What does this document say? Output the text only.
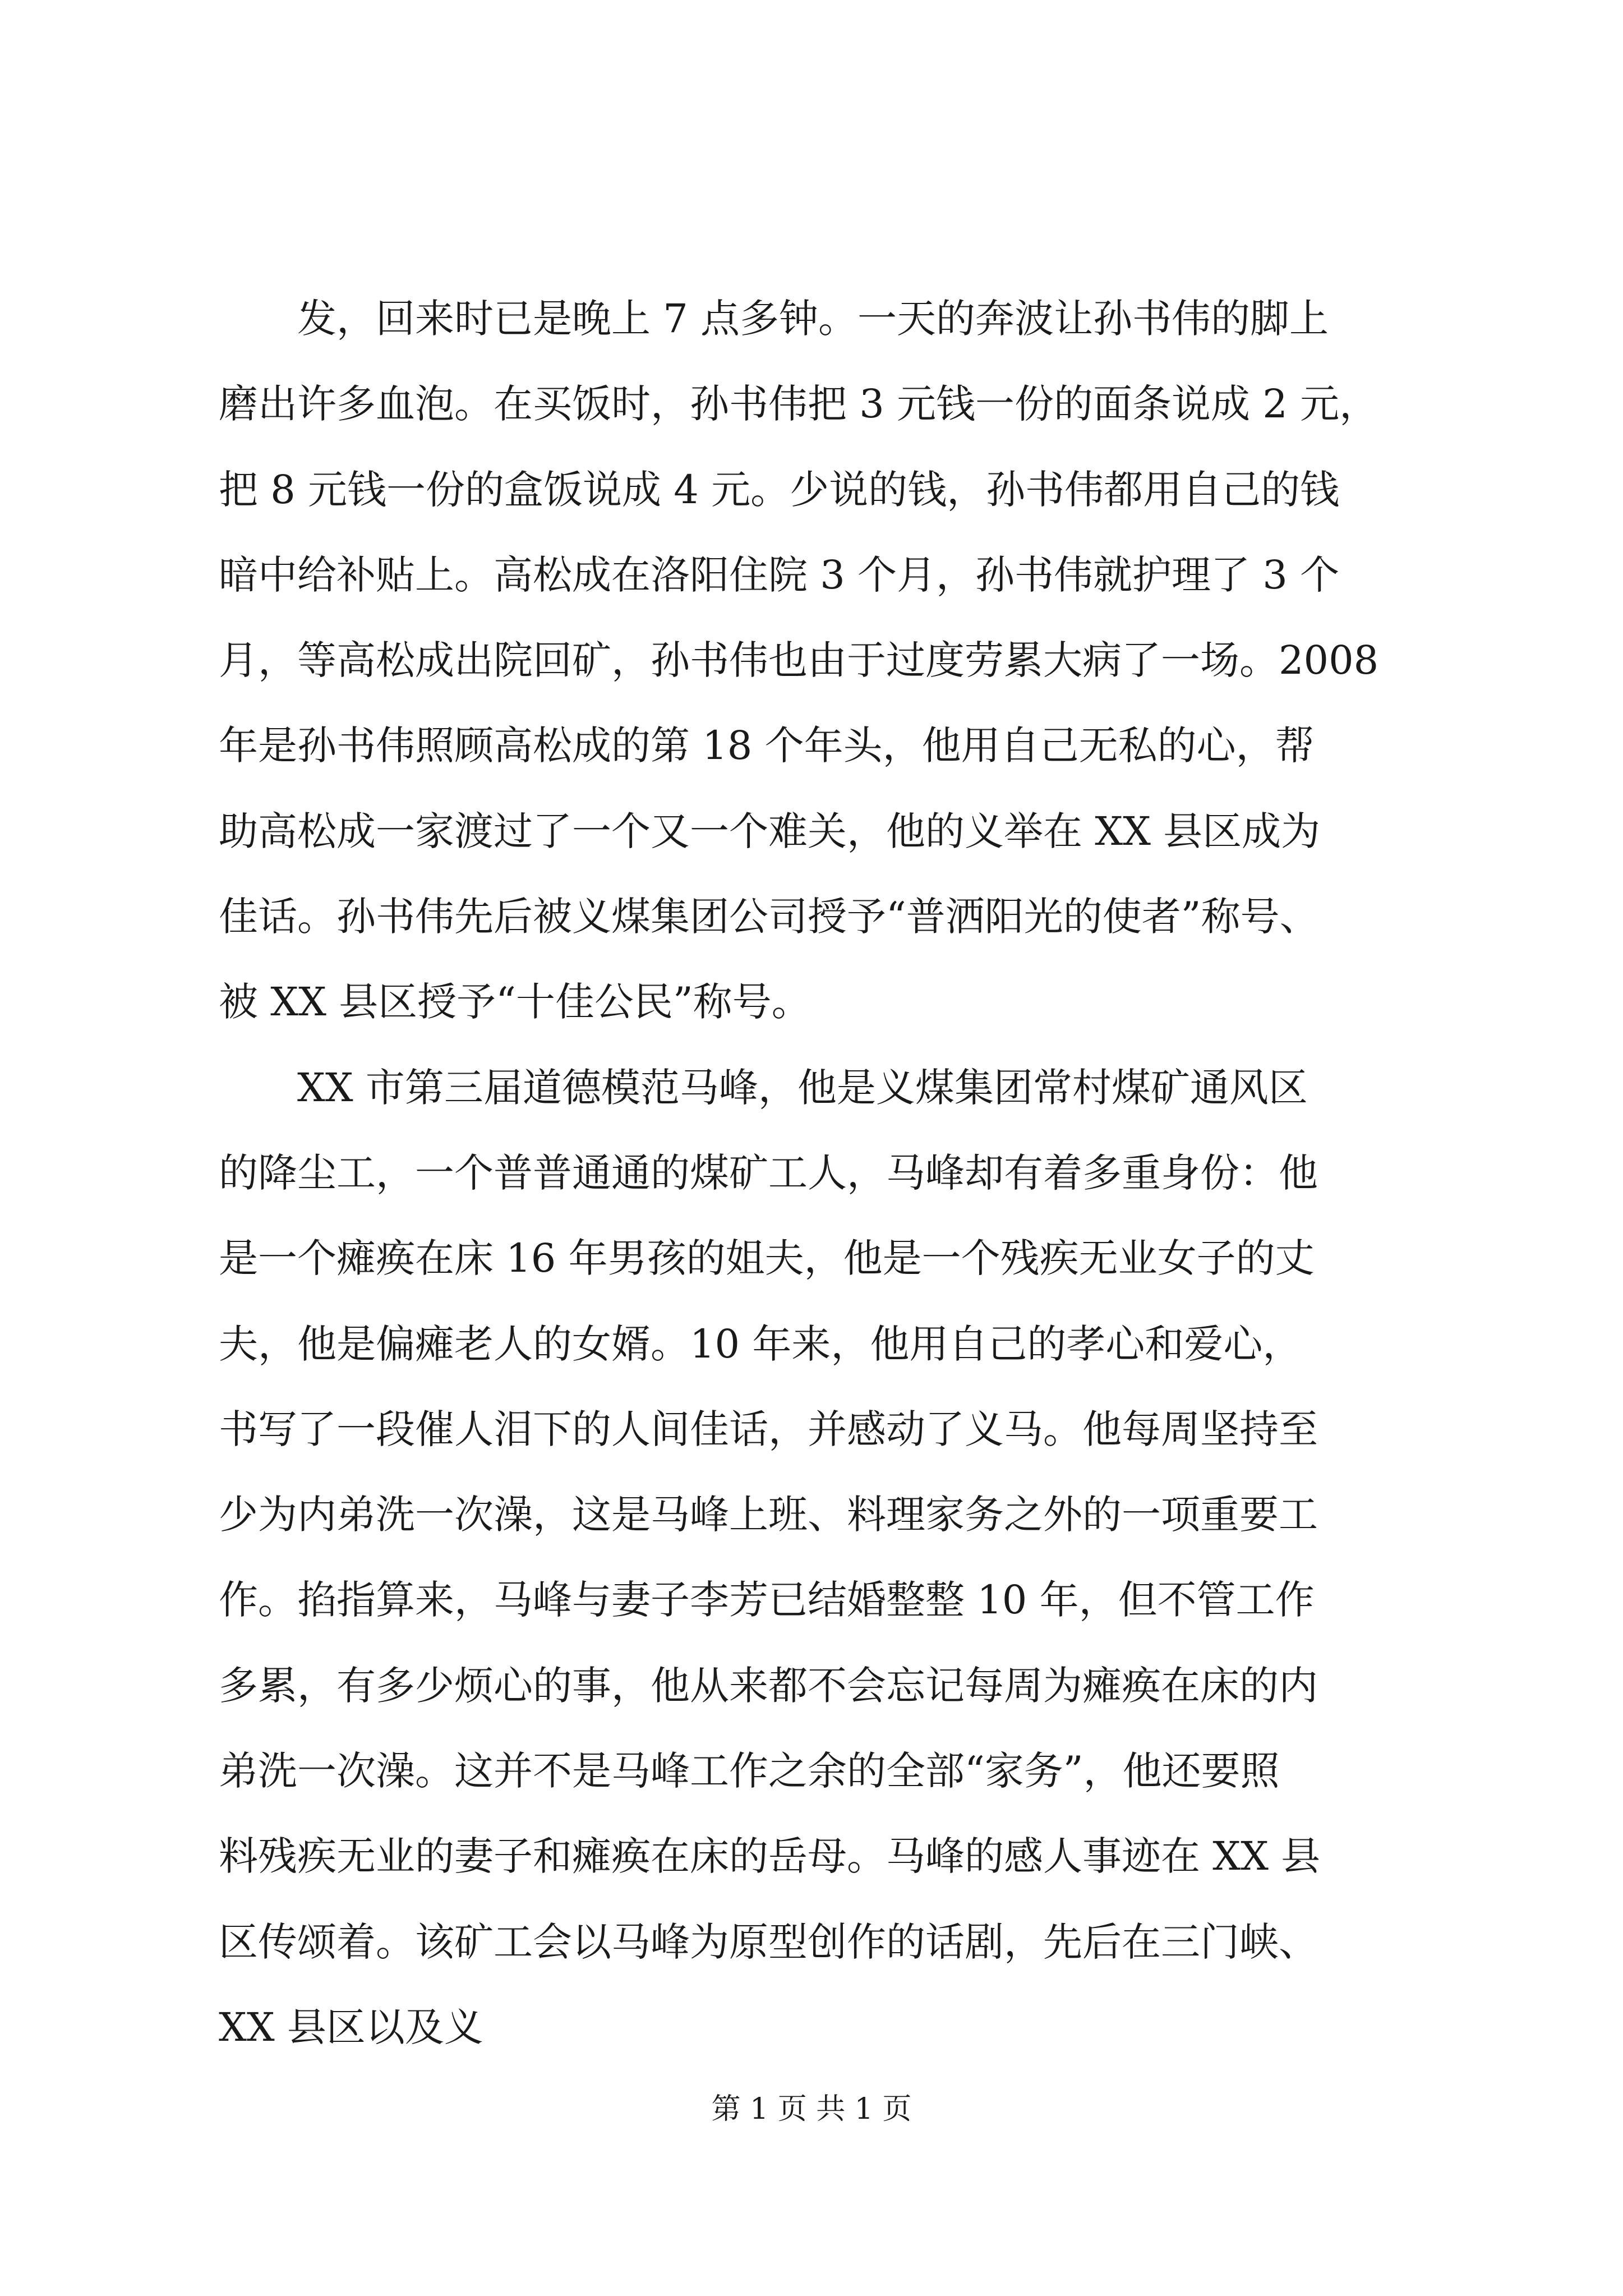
发，回来时已是晚上 7 点多钟。一天的奔波让孙书伟的脚上
磨出许多血泡。在买饭时，孙书伟把 3 元钱一份的面条说成 2 元，
把 8 元钱一份的盒饭说成 4 元。少说的钱，孙书伟都用自己的钱
暗中给补贴上。高松成在洛阳住院 3 个月，孙书伟就护理了 3 个
月，等高松成出院回矿，孙书伟也由于过度劳累大病了一场。2008
年是孙书伟照顾高松成的第 18 个年头，他用自己无私的心，帮
助高松成一家渡过了一个又一个难关，他的义举在 XX 县区成为
佳话。孙书伟先后被义煤集团公司授予“普洒阳光的使者”称号、
被 XX 县区授予“十佳公民”称号。
XX 市第三届道德模范马峰，他是义煤集团常村煤矿通风区
的降尘工，一个普普通通的煤矿工人，马峰却有着多重身份：他
是一个瘫痪在床 16 年男孩的姐夫，他是一个残疾无业女子的丈
夫，他是偏瘫老人的女婿。10 年来，他用自己的孝心和爱心，
书写了一段催人泪下的人间佳话，并感动了义马。他每周坚持至
少为内弟洗一次澡，这是马峰上班、料理家务之外的一项重要工
作。掐指算来，马峰与妻子李芳已结婚整整 10 年，但不管工作
多累，有多少烦心的事，他从来都不会忘记每周为瘫痪在床的内
弟洗一次澡。这并不是马峰工作之余的全部“家务”，他还要照
料残疾无业的妻子和瘫痪在床的岳母。马峰的感人事迹在 XX 县
区传颂着。该矿工会以马峰为原型创作的话剧，先后在三门峡、
XX 县区以及义
第 1 页 共 1 页
